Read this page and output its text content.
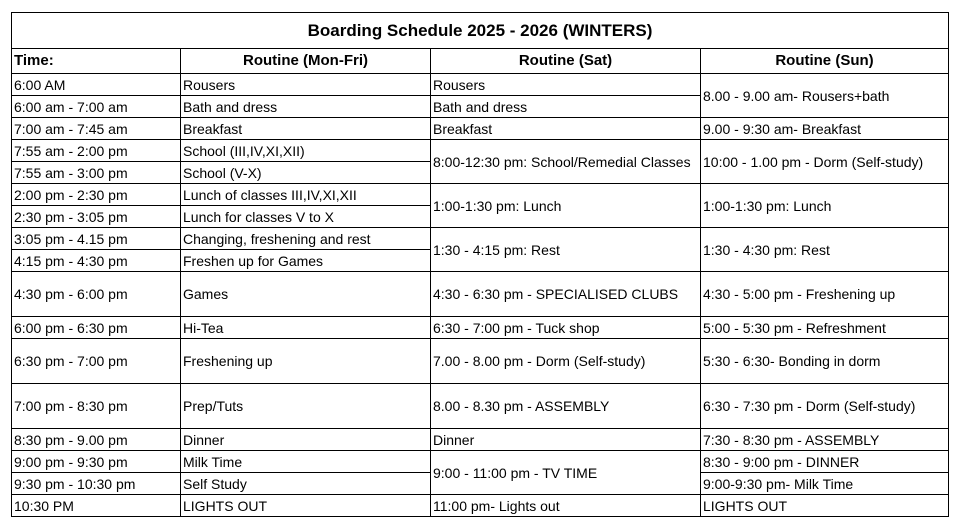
Boarding Schedule 2025 - 2026 (WINTERS)			
Time:	Routine (Mon-Fri)	Routine (Sat)	Routine (Sun)
6:00 AM	Rousers	Rousers	8.00 - 9.00 am- Rousers+bath
6:00 am - 7:00 am	Bath and dress	Bath and dress	
7:00 am - 7:45 am	Breakfast	Breakfast	9.00 - 9:30 am- Breakfast
7:55 am - 2:00 pm	School (III,IV,XI,XII)	8:00-12:30 pm: School/Remedial Classes	10:00 - 1.00 pm - Dorm (Self-study)
7:55 am - 3:00 pm	School (V-X)		
2:00 pm - 2:30 pm	Lunch of classes III,IV,XI,XII	1:00-1:30 pm: Lunch	1:00-1:30 pm: Lunch
2:30 pm - 3:05 pm	Lunch for classes V to X		
3:05 pm - 4.15 pm	Changing, freshening and rest	1:30 - 4:15 pm: Rest	1:30 - 4:30 pm: Rest
4:15 pm - 4:30 pm	Freshen up for Games		
4:30 pm - 6:00 pm	Games	4:30 - 6:30 pm - SPECIALISED CLUBS	4:30 - 5:00 pm - Freshening up
6:00 pm - 6:30 pm	Hi-Tea	6:30 - 7:00 pm - Tuck shop	5:00 - 5:30 pm - Refreshment
6:30 pm - 7:00 pm	Freshening up	7.00 - 8.00 pm - Dorm (Self-study)	5:30 - 6:30- Bonding in dorm
7:00 pm - 8:30 pm	Prep/Tuts	8.00 - 8.30 pm - ASSEMBLY	6:30 - 7:30 pm - Dorm (Self-study)
8:30 pm - 9.00 pm	Dinner	Dinner	7:30 - 8:30 pm - ASSEMBLY
9:00 pm - 9:30 pm	Milk Time	9:00 - 11:00 pm - TV TIME	8:30 - 9:00 pm - DINNER
9:30 pm - 10:30 pm	Self Study		9:00-9:30 pm- Milk Time
10:30 PM	LIGHTS OUT	11:00 pm- Lights out	LIGHTS OUT
